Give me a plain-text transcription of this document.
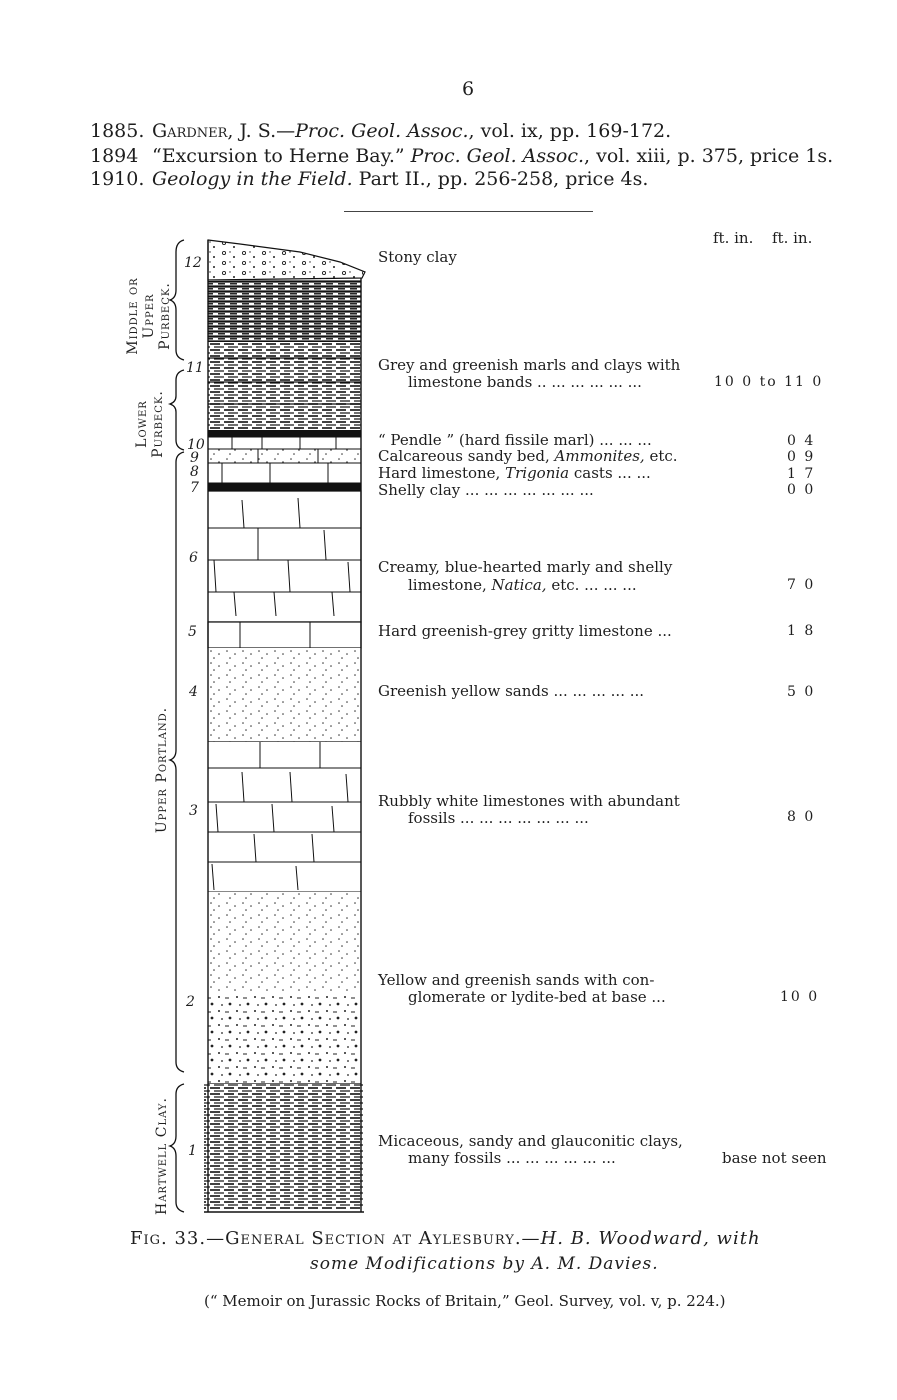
6
1885. Gardner, J. S.—Proc. Geol. Assoc., vol. ix, pp. 169-172.
1894 “Excursion to Herne Bay.” Proc. Geol. Assoc., vol. xiii, p. 375, price 1s.
1910. Geology in the Field. Part II., pp. 256-258, price 4s.
ft. in. ft. in.
Middle or Upper Purbeck.
Lower Purbeck.
Upper Portland.
Hartwell Clay.
12
11
10
9
8
7
6
5
4
3
2
1
Stony clay
Grey and greenish marls and clays with
limestone bands .. ... ... ... ... ...
“ Pendle ” (hard fissile marl) ... ... ...
Calcareous sandy bed, Ammonites, etc.
Hard limestone, Trigonia casts ... ...
Shelly clay ... ... ... ... ... ... ...
Creamy, blue-hearted marly and shelly
limestone, Natica, etc. ... ... ...
Hard greenish-grey gritty limestone ...
Greenish yellow sands ... ... ... ... ...
Rubbly white limestones with abundant
fossils ... ... ... ... ... ... ...
Yellow and greenish sands with con-
glomerate or lydite-bed at base ...
Micaceous, sandy and glauconitic clays,
many fossils ... ... ... ... ... ...
10 0 to 11 0
0 4
0 9
1 7
0 0
7 0
1 8
5 0
8 0
10 0
base not seen
Fig. 33.—General Section at Aylesbury.—H. B. Woodward, with
some Modifications by A. M. Davies.
(“ Memoir on Jurassic Rocks of Britain,” Geol. Survey, vol. v, p. 224.)
